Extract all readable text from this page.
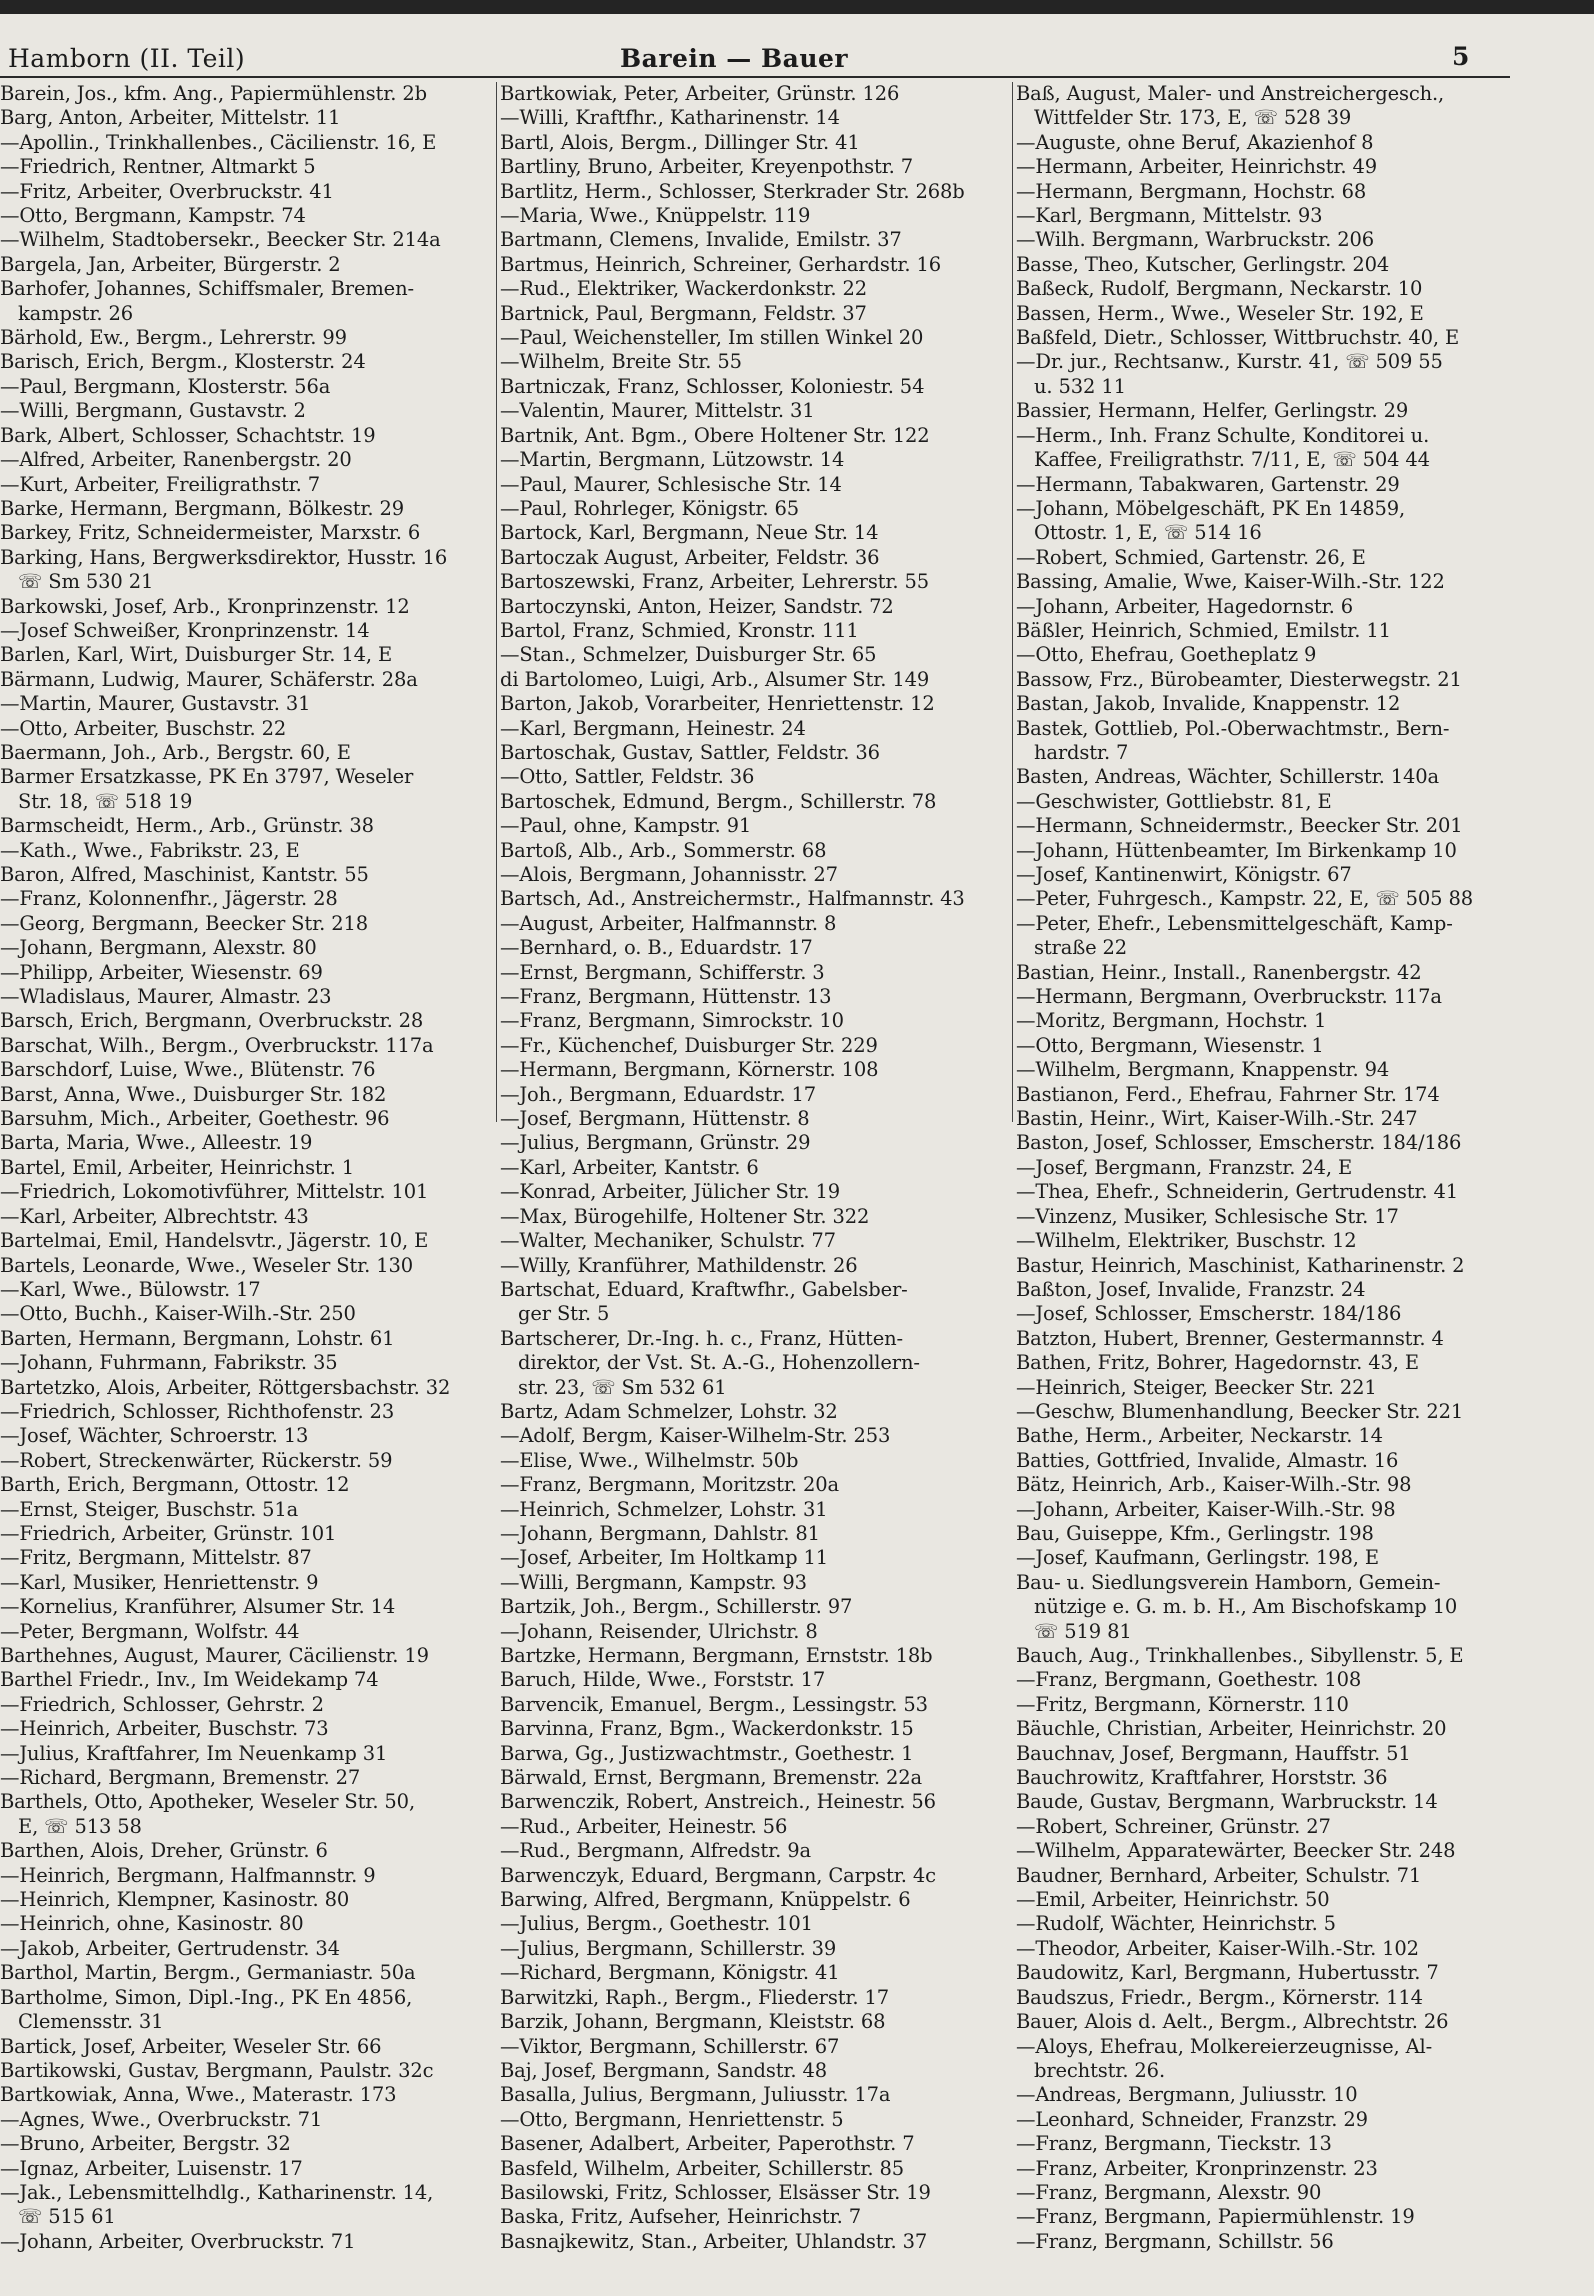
Hamborn (II. Teil)	Barein — Bauer	5
Barein, Jos., kfm. Ang., Papiermühlenstr. 2b
Barg, Anton, Arbeiter, Mittelstr. 11
—Apollin., Trinkhallenbes., Cäcilienstr. 16, E
—Friedrich, Rentner, Altmarkt 5
—Fritz, Arbeiter, Overbruckstr. 41
—Otto, Bergmann, Kampstr. 74
—Wilhelm, Stadtobersekr., Beecker Str. 214a
Bargela, Jan, Arbeiter, Bürgerstr. 2
Barhofer, Johannes, Schiffsmaler, Bremen-
kampstr. 26
Bärhold, Ew., Bergm., Lehrerstr. 99
Barisch, Erich, Bergm., Klosterstr. 24
—Paul, Bergmann, Klosterstr. 56a
—Willi, Bergmann, Gustavstr. 2
Bark, Albert, Schlosser, Schachtstr. 19
—Alfred, Arbeiter, Ranenbergstr. 20
—Kurt, Arbeiter, Freiligrathstr. 7
Barke, Hermann, Bergmann, Bölkestr. 29
Barkey, Fritz, Schneidermeister, Marxstr. 6
Barking, Hans, Bergwerksdirektor, Husstr. 16
☏ Sm 530 21
Barkowski, Josef, Arb., Kronprinzenstr. 12
—Josef Schweißer, Kronprinzenstr. 14
Barlen, Karl, Wirt, Duisburger Str. 14, E
Bärmann, Ludwig, Maurer, Schäferstr. 28a
—Martin, Maurer, Gustavstr. 31
—Otto, Arbeiter, Buschstr. 22
Baermann, Joh., Arb., Bergstr. 60, E
Barmer Ersatzkasse, PK En 3797, Weseler
Str. 18, ☏ 518 19
Barmscheidt, Herm., Arb., Grünstr. 38
—Kath., Wwe., Fabrikstr. 23, E
Baron, Alfred, Maschinist, Kantstr. 55
—Franz, Kolonnenfhr., Jägerstr. 28
—Georg, Bergmann, Beecker Str. 218
—Johann, Bergmann, Alexstr. 80
—Philipp, Arbeiter, Wiesenstr. 69
—Wladislaus, Maurer, Almastr. 23
Barsch, Erich, Bergmann, Overbruckstr. 28
Barschat, Wilh., Bergm., Overbruckstr. 117a
Barschdorf, Luise, Wwe., Blütenstr. 76
Barst, Anna, Wwe., Duisburger Str. 182
Barsuhm, Mich., Arbeiter, Goethestr. 96
Barta, Maria, Wwe., Alleestr. 19
Bartel, Emil, Arbeiter, Heinrichstr. 1
—Friedrich, Lokomotivführer, Mittelstr. 101
—Karl, Arbeiter, Albrechtstr. 43
Bartelmai, Emil, Handelsvtr., Jägerstr. 10, E
Bartels, Leonarde, Wwe., Weseler Str. 130
—Karl, Wwe., Bülowstr. 17
—Otto, Buchh., Kaiser-Wilh.-Str. 250
Barten, Hermann, Bergmann, Lohstr. 61
—Johann, Fuhrmann, Fabrikstr. 35
Bartetzko, Alois, Arbeiter, Röttgersbachstr. 32
—Friedrich, Schlosser, Richthofenstr. 23
—Josef, Wächter, Schroerstr. 13
—Robert, Streckenwärter, Rückerstr. 59
Barth, Erich, Bergmann, Ottostr. 12
—Ernst, Steiger, Buschstr. 51a
—Friedrich, Arbeiter, Grünstr. 101
—Fritz, Bergmann, Mittelstr. 87
—Karl, Musiker, Henriettenstr. 9
—Kornelius, Kranführer, Alsumer Str. 14
—Peter, Bergmann, Wolfstr. 44
Barthehnes, August, Maurer, Cäcilienstr. 19
Barthel Friedr., Inv., Im Weidekamp 74
—Friedrich, Schlosser, Gehrstr. 2
—Heinrich, Arbeiter, Buschstr. 73
—Julius, Kraftfahrer, Im Neuenkamp 31
—Richard, Bergmann, Bremenstr. 27
Barthels, Otto, Apotheker, Weseler Str. 50,
E, ☏ 513 58
Barthen, Alois, Dreher, Grünstr. 6
—Heinrich, Bergmann, Halfmannstr. 9
—Heinrich, Klempner, Kasinostr. 80
—Heinrich, ohne, Kasinostr. 80
—Jakob, Arbeiter, Gertrudenstr. 34
Barthol, Martin, Bergm., Germaniastr. 50a
Bartholme, Simon, Dipl.-Ing., PK En 4856,
Clemensstr. 31
Bartick, Josef, Arbeiter, Weseler Str. 66
Bartikowski, Gustav, Bergmann, Paulstr. 32c
Bartkowiak, Anna, Wwe., Materastr. 173
—Agnes, Wwe., Overbruckstr. 71
—Bruno, Arbeiter, Bergstr. 32
—Ignaz, Arbeiter, Luisenstr. 17
—Jak., Lebensmittelhdlg., Katharinenstr. 14,
☏ 515 61
—Johann, Arbeiter, Overbruckstr. 71
Bartkowiak, Peter, Arbeiter, Grünstr. 126
—Willi, Kraftfhr., Katharinenstr. 14
Bartl, Alois, Bergm., Dillinger Str. 41
Bartliny, Bruno, Arbeiter, Kreyenpothstr. 7
Bartlitz, Herm., Schlosser, Sterkrader Str. 268b
—Maria, Wwe., Knüppelstr. 119
Bartmann, Clemens, Invalide, Emilstr. 37
Bartmus, Heinrich, Schreiner, Gerhardstr. 16
—Rud., Elektriker, Wackerdonkstr. 22
Bartnick, Paul, Bergmann, Feldstr. 37
—Paul, Weichensteller, Im stillen Winkel 20
—Wilhelm, Breite Str. 55
Bartniczak, Franz, Schlosser, Koloniestr. 54
—Valentin, Maurer, Mittelstr. 31
Bartnik, Ant. Bgm., Obere Holtener Str. 122
—Martin, Bergmann, Lützowstr. 14
—Paul, Maurer, Schlesische Str. 14
—Paul, Rohrleger, Königstr. 65
Bartock, Karl, Bergmann, Neue Str. 14
Bartoczak August, Arbeiter, Feldstr. 36
Bartoszewski, Franz, Arbeiter, Lehrerstr. 55
Bartoczynski, Anton, Heizer, Sandstr. 72
Bartol, Franz, Schmied, Kronstr. 111
—Stan., Schmelzer, Duisburger Str. 65
di Bartolomeo, Luigi, Arb., Alsumer Str. 149
Barton, Jakob, Vorarbeiter, Henriettenstr. 12
—Karl, Bergmann, Heinestr. 24
Bartoschak, Gustav, Sattler, Feldstr. 36
—Otto, Sattler, Feldstr. 36
Bartoschek, Edmund, Bergm., Schillerstr. 78
—Paul, ohne, Kampstr. 91
Bartoß, Alb., Arb., Sommerstr. 68
—Alois, Bergmann, Johannisstr. 27
Bartsch, Ad., Anstreichermstr., Halfmannstr. 43
—August, Arbeiter, Halfmannstr. 8
—Bernhard, o. B., Eduardstr. 17
—Ernst, Bergmann, Schifferstr. 3
—Franz, Bergmann, Hüttenstr. 13
—Franz, Bergmann, Simrockstr. 10
—Fr., Küchenchef, Duisburger Str. 229
—Hermann, Bergmann, Körnerstr. 108
—Joh., Bergmann, Eduardstr. 17
—Josef, Bergmann, Hüttenstr. 8
—Julius, Bergmann, Grünstr. 29
—Karl, Arbeiter, Kantstr. 6
—Konrad, Arbeiter, Jülicher Str. 19
—Max, Bürogehilfe, Holtener Str. 322
—Walter, Mechaniker, Schulstr. 77
—Willy, Kranführer, Mathildenstr. 26
Bartschat, Eduard, Kraftwfhr., Gabelsber-
ger Str. 5
Bartscherer, Dr.-Ing. h. c., Franz, Hütten-
direktor, der Vst. St. A.-G., Hohenzollern-
str. 23, ☏ Sm 532 61
Bartz, Adam Schmelzer, Lohstr. 32
—Adolf, Bergm, Kaiser-Wilhelm-Str. 253
—Elise, Wwe., Wilhelmstr. 50b
—Franz, Bergmann, Moritzstr. 20a
—Heinrich, Schmelzer, Lohstr. 31
—Johann, Bergmann, Dahlstr. 81
—Josef, Arbeiter, Im Holtkamp 11
—Willi, Bergmann, Kampstr. 93
Bartzik, Joh., Bergm., Schillerstr. 97
—Johann, Reisender, Ulrichstr. 8
Bartzke, Hermann, Bergmann, Ernststr. 18b
Baruch, Hilde, Wwe., Forststr. 17
Barvencik, Emanuel, Bergm., Lessingstr. 53
Barvinna, Franz, Bgm., Wackerdonkstr. 15
Barwa, Gg., Justizwachtmstr., Goethestr. 1
Bärwald, Ernst, Bergmann, Bremenstr. 22a
Barwenczik, Robert, Anstreich., Heinestr. 56
—Rud., Arbeiter, Heinestr. 56
—Rud., Bergmann, Alfredstr. 9a
Barwenczyk, Eduard, Bergmann, Carpstr. 4c
Barwing, Alfred, Bergmann, Knüppelstr. 6
—Julius, Bergm., Goethestr. 101
—Julius, Bergmann, Schillerstr. 39
—Richard, Bergmann, Königstr. 41
Barwitzki, Raph., Bergm., Fliederstr. 17
Barzik, Johann, Bergmann, Kleiststr. 68
—Viktor, Bergmann, Schillerstr. 67
Baj, Josef, Bergmann, Sandstr. 48
Basalla, Julius, Bergmann, Juliusstr. 17a
—Otto, Bergmann, Henriettenstr. 5
Basener, Adalbert, Arbeiter, Paperothstr. 7
Basfeld, Wilhelm, Arbeiter, Schillerstr. 85
Basilowski, Fritz, Schlosser, Elsässer Str. 19
Baska, Fritz, Aufseher, Heinrichstr. 7
Basnajkewitz, Stan., Arbeiter, Uhlandstr. 37
Baß, August, Maler- und Anstreichergesch.,
Wittfelder Str. 173, E, ☏ 528 39
—Auguste, ohne Beruf, Akazienhof 8
—Hermann, Arbeiter, Heinrichstr. 49
—Hermann, Bergmann, Hochstr. 68
—Karl, Bergmann, Mittelstr. 93
—Wilh. Bergmann, Warbruckstr. 206
Basse, Theo, Kutscher, Gerlingstr. 204
Baßeck, Rudolf, Bergmann, Neckarstr. 10
Bassen, Herm., Wwe., Weseler Str. 192, E
Baßfeld, Dietr., Schlosser, Wittbruchstr. 40, E
—Dr. jur., Rechtsanw., Kurstr. 41, ☏ 509 55
u. 532 11
Bassier, Hermann, Helfer, Gerlingstr. 29
—Herm., Inh. Franz Schulte, Konditorei u.
Kaffee, Freiligrathstr. 7/11, E, ☏ 504 44
—Hermann, Tabakwaren, Gartenstr. 29
—Johann, Möbelgeschäft, PK En 14859,
Ottostr. 1, E, ☏ 514 16
—Robert, Schmied, Gartenstr. 26, E
Bassing, Amalie, Wwe, Kaiser-Wilh.-Str. 122
—Johann, Arbeiter, Hagedornstr. 6
Bäßler, Heinrich, Schmied, Emilstr. 11
—Otto, Ehefrau, Goetheplatz 9
Bassow, Frz., Bürobeamter, Diesterwegstr. 21
Bastan, Jakob, Invalide, Knappenstr. 12
Bastek, Gottlieb, Pol.-Oberwachtmstr., Bern-
hardstr. 7
Basten, Andreas, Wächter, Schillerstr. 140a
—Geschwister, Gottliebstr. 81, E
—Hermann, Schneidermstr., Beecker Str. 201
—Johann, Hüttenbeamter, Im Birkenkamp 10
—Josef, Kantinenwirt, Königstr. 67
—Peter, Fuhrgesch., Kampstr. 22, E, ☏ 505 88
—Peter, Ehefr., Lebensmittelgeschäft, Kamp-
straße 22
Bastian, Heinr., Install., Ranenbergstr. 42
—Hermann, Bergmann, Overbruckstr. 117a
—Moritz, Bergmann, Hochstr. 1
—Otto, Bergmann, Wiesenstr. 1
—Wilhelm, Bergmann, Knappenstr. 94
Bastianon, Ferd., Ehefrau, Fahrner Str. 174
Bastin, Heinr., Wirt, Kaiser-Wilh.-Str. 247
Baston, Josef, Schlosser, Emscherstr. 184/186
—Josef, Bergmann, Franzstr. 24, E
—Thea, Ehefr., Schneiderin, Gertrudenstr. 41
—Vinzenz, Musiker, Schlesische Str. 17
—Wilhelm, Elektriker, Buschstr. 12
Bastur, Heinrich, Maschinist, Katharinenstr. 2
Baßton, Josef, Invalide, Franzstr. 24
—Josef, Schlosser, Emscherstr. 184/186
Batzton, Hubert, Brenner, Gestermannstr. 4
Bathen, Fritz, Bohrer, Hagedornstr. 43, E
—Heinrich, Steiger, Beecker Str. 221
—Geschw, Blumenhandlung, Beecker Str. 221
Bathe, Herm., Arbeiter, Neckarstr. 14
Batties, Gottfried, Invalide, Almastr. 16
Bätz, Heinrich, Arb., Kaiser-Wilh.-Str. 98
—Johann, Arbeiter, Kaiser-Wilh.-Str. 98
Bau, Guiseppe, Kfm., Gerlingstr. 198
—Josef, Kaufmann, Gerlingstr. 198, E
Bau- u. Siedlungsverein Hamborn, Gemein-
nützige e. G. m. b. H., Am Bischofskamp 10
☏ 519 81
Bauch, Aug., Trinkhallenbes., Sibyllenstr. 5, E
—Franz, Bergmann, Goethestr. 108
—Fritz, Bergmann, Körnerstr. 110
Bäuchle, Christian, Arbeiter, Heinrichstr. 20
Bauchnav, Josef, Bergmann, Hauffstr. 51
Bauchrowitz, Kraftfahrer, Horststr. 36
Baude, Gustav, Bergmann, Warbruckstr. 14
—Robert, Schreiner, Grünstr. 27
—Wilhelm, Apparatewärter, Beecker Str. 248
Baudner, Bernhard, Arbeiter, Schulstr. 71
—Emil, Arbeiter, Heinrichstr. 50
—Rudolf, Wächter, Heinrichstr. 5
—Theodor, Arbeiter, Kaiser-Wilh.-Str. 102
Baudowitz, Karl, Bergmann, Hubertusstr. 7
Baudszus, Friedr., Bergm., Körnerstr. 114
Bauer, Alois d. Aelt., Bergm., Albrechtstr. 26
—Aloys, Ehefrau, Molkereierzeugnisse, Al-
brechtstr. 26.
—Andreas, Bergmann, Juliusstr. 10
—Leonhard, Schneider, Franzstr. 29
—Franz, Bergmann, Tieckstr. 13
—Franz, Arbeiter, Kronprinzenstr. 23
—Franz, Bergmann, Alexstr. 90
—Franz, Bergmann, Papiermühlenstr. 19
—Franz, Bergmann, Schillstr. 56
